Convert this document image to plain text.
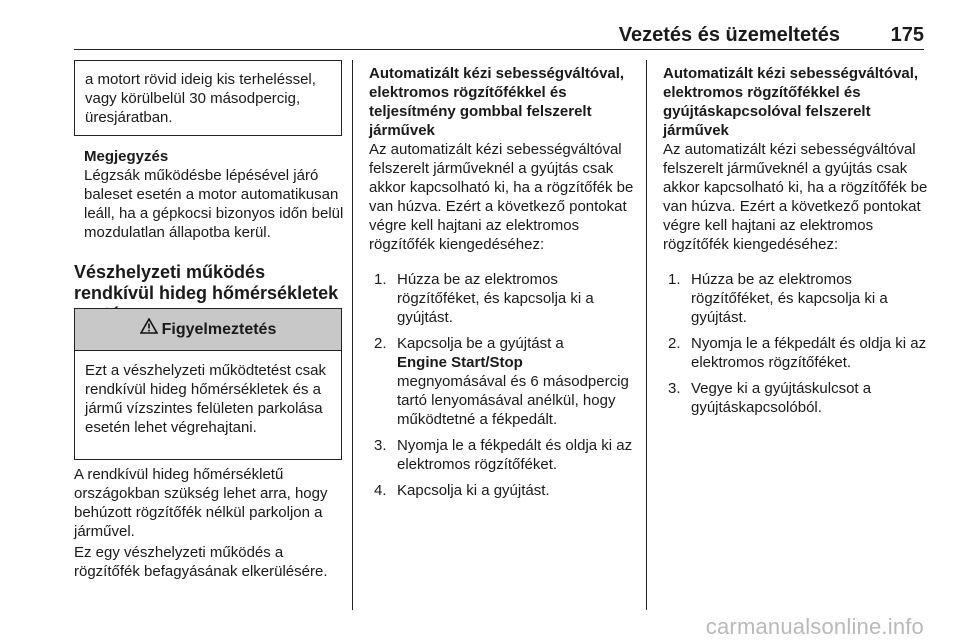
Vezetés és üzemeltetés	175

a motort rövid ideig kis terheléssel, vagy körülbelül 30 másodpercig, üresjáratban.

Megjegyzés

Légzsák működésbe lépésével járó baleset esetén a motor automatikusan leáll, ha a gépkocsi bizonyos időn belül mozdulatlan állapotba kerül.

Vészhelyzeti működés rendkívül hideg hőmérsékletek
Figyelmeztetés

Ezt a vészhelyzeti működtetést csak rendkívül hideg hőmérsékletek és a jármű vízszintes felületen parkolása esetén lehet végrehajtani.

A rendkívül hideg hőmérsékletű országokban szükség lehet arra, hogy behúzott rögzítőfék nélkül parkoljon a járművel.

Ez egy vészhelyzeti működés a rögzítőfék befagyásának elkerülésére.

Automatizált kézi sebességváltóval, elektromos rögzítőfékkel és teljesítmény gombbal felszerelt járművek

Az automatizált kézi sebességváltóval felszerelt járműveknél a gyújtás csak akkor kapcsolható ki, ha a rögzítőfék be van húzva. Ezért a következő pontokat végre kell hajtani az elektromos rögzítőfék kiengedéséhez:

1. Húzza be az elektromos rögzítőféket, és kapcsolja ki a gyújtást.
2. Kapcsolja be a gyújtást a
Engine Start/Stop
megnyomásával és 6 másodpercig tartó lenyomásával anélkül, hogy működtetné a fékpedált.
3. Nyomja le a fékpedált és oldja ki az elektromos rögzítőféket.
4. Kapcsolja ki a gyújtást.
Automatizált kézi sebességváltóval, elektromos rögzítőfékkel és gyújtáskapcsolóval felszerelt járművek

Az automatizált kézi sebességváltóval felszerelt járműveknél a gyújtás csak akkor kapcsolható ki, ha a rögzítőfék be van húzva. Ezért a következő pontokat végre kell hajtani az elektromos rögzítőfék kiengedéséhez:

1. Húzza be az elektromos rögzítőféket, és kapcsolja ki a gyújtást.
2. Nyomja le a fékpedált és oldja ki az elektromos rögzítőféket.
3. Vegye ki a gyújtáskulcsot a gyújtáskapcsolóból.
carmanualsonline.info
